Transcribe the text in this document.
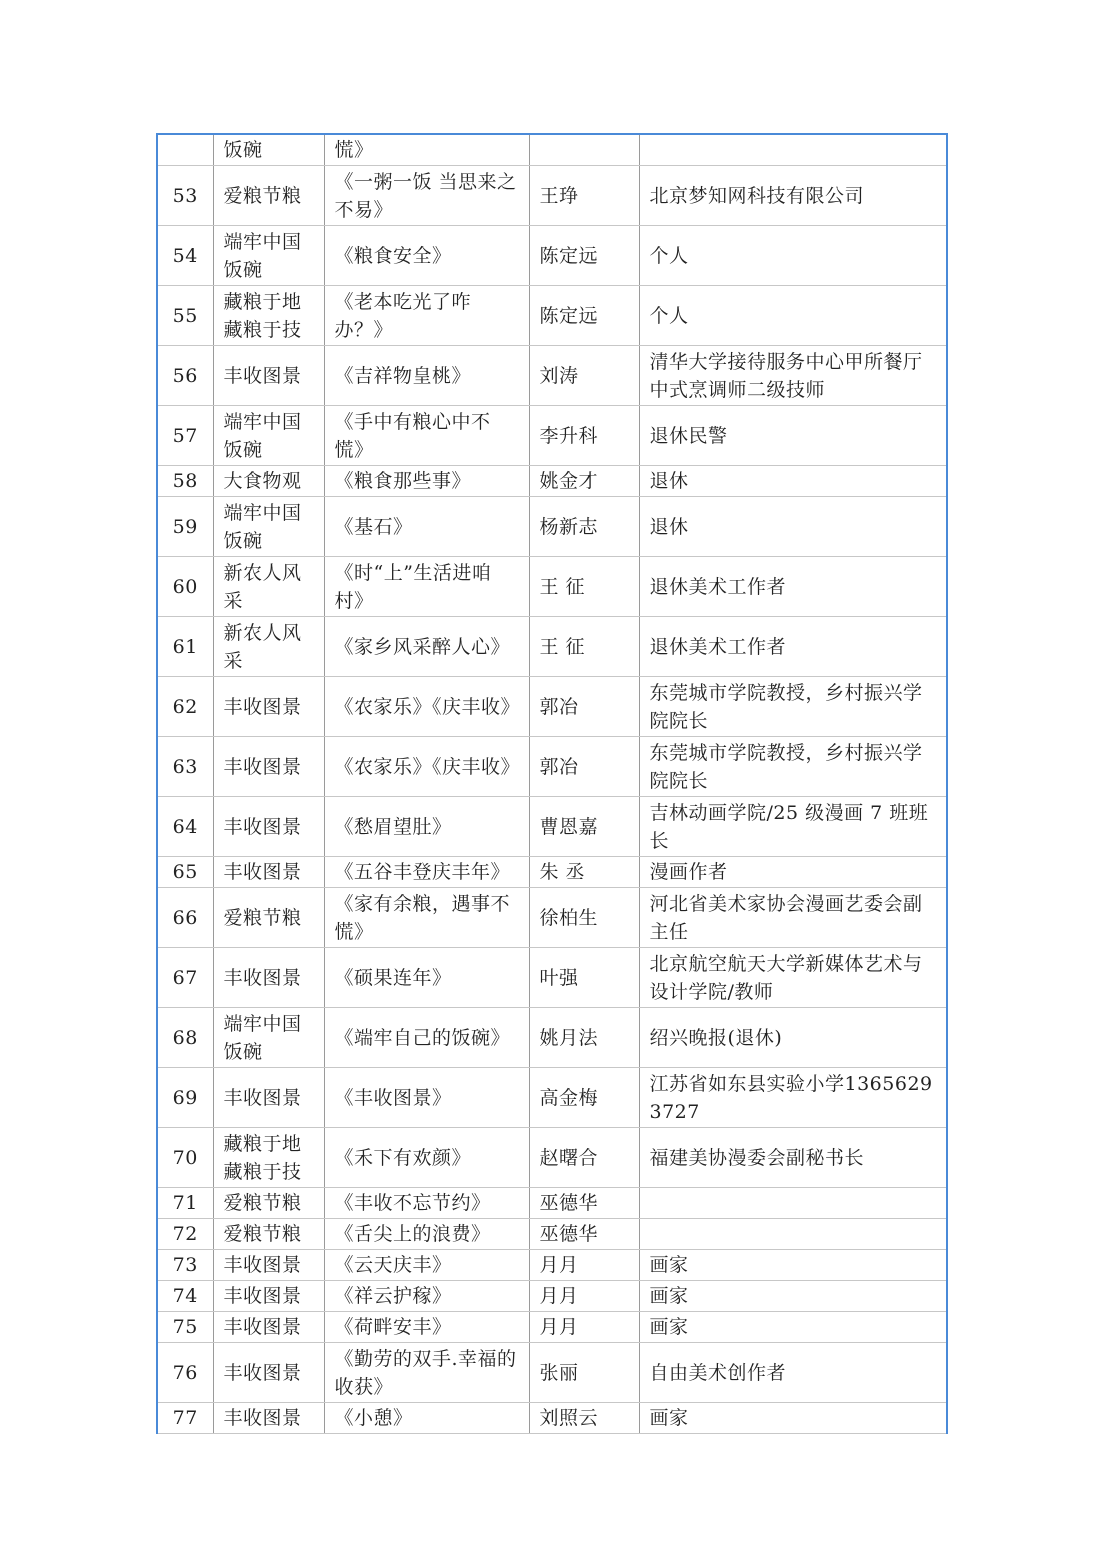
	饭碗	慌》		
53	爱粮节粮	《一粥一饭 当思来之不易》	王琤	北京梦知网科技有限公司
54	端牢中国饭碗	《粮食安全》	陈定远	个人
55	藏粮于地藏粮于技	《老本吃光了咋办？》	陈定远	个人
56	丰收图景	《吉祥物皇桃》	刘涛	清华大学接待服务中心甲所餐厅中式烹调师二级技师
57	端牢中国饭碗	《手中有粮心中不慌》	李升科	退休民警
58	大食物观	《粮食那些事》	姚金才	退休
59	端牢中国饭碗	《基石》	杨新志	退休
60	新农人风采	《时“上”生活进咱村》	王 征	退休美术工作者
61	新农人风采	《家乡风采醉人心》	王 征	退休美术工作者
62	丰收图景	《农家乐》《庆丰收》	郭冶	东莞城市学院教授，乡村振兴学院院长
63	丰收图景	《农家乐》《庆丰收》	郭冶	东莞城市学院教授，乡村振兴学院院长
64	丰收图景	《愁眉望肚》	曹恩嘉	吉林动画学院/25 级漫画 7 班班长
65	丰收图景	《五谷丰登庆丰年》	朱 丞	漫画作者
66	爱粮节粮	《家有余粮，遇事不慌》	徐柏生	河北省美术家协会漫画艺委会副主任
67	丰收图景	《硕果连年》	叶强	北京航空航天大学新媒体艺术与设计学院/教师
68	端牢中国饭碗	《端牢自己的饭碗》	姚月法	绍兴晚报(退休)
69	丰收图景	《丰收图景》	高金梅	江苏省如东县实验小学13656293727
70	藏粮于地藏粮于技	《禾下有欢颜》	赵曙合	福建美协漫委会副秘书长
71	爱粮节粮	《丰收不忘节约》	巫德华	
72	爱粮节粮	《舌尖上的浪费》	巫德华	
73	丰收图景	《云天庆丰》	月月	画家
74	丰收图景	《祥云护稼》	月月	画家
75	丰收图景	《荷畔安丰》	月月	画家
76	丰收图景	《勤劳的双手.幸福的收获》	张丽	自由美术创作者
77	丰收图景	《小憩》	刘照云	画家
